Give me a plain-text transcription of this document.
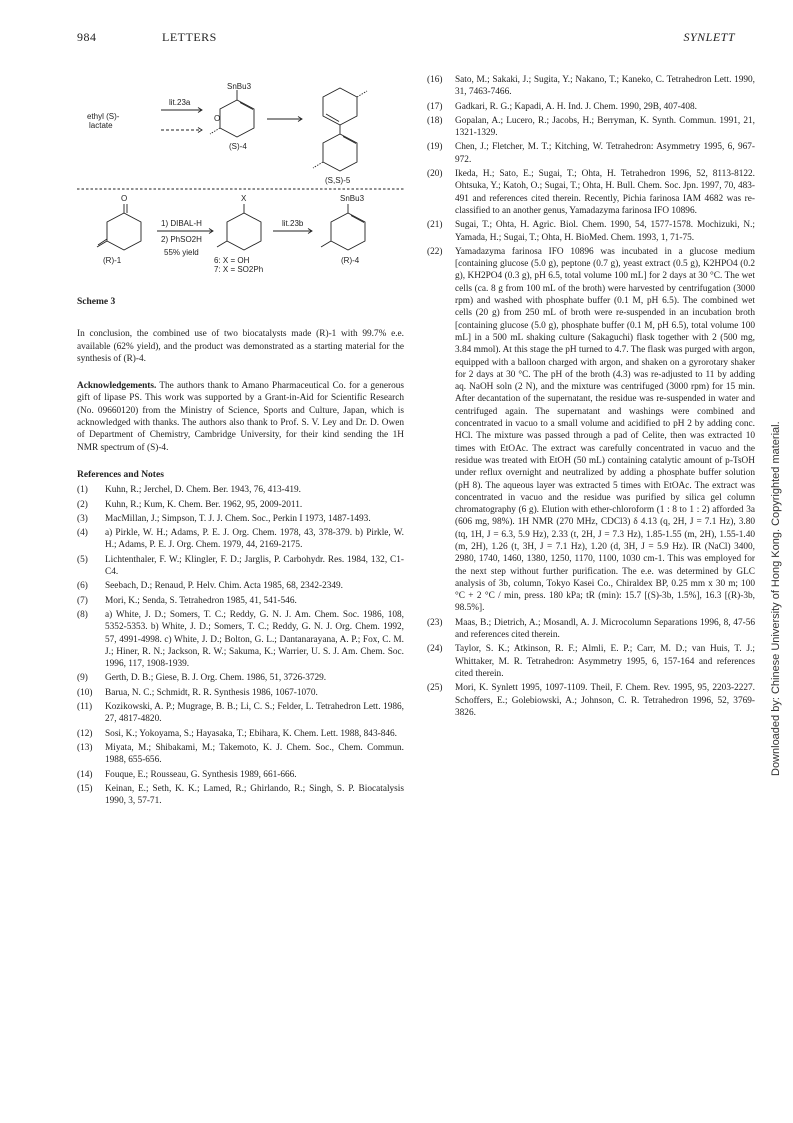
984	LETTERS	SYNLETT
ethyl (S)-
lactate
lit.23a
SnBu3
O
(S)-4
(S,S)-5
O	X	SnBu3
1) DIBAL-H
2) PhSO2H
55% yield
lit.23b
(R)-1	6: X = OH
7: X = SO2Ph
(R)-4
Scheme 3

In conclusion, the combined use of two biocatalysts made (R)-1 with 99.7% e.e. available (62% yield), and the product was demonstrated as a starting material for the synthesis of (R)-4.

Acknowledgements. The authors thank to Amano Pharmaceutical Co. for a generous gift of lipase PS. This work was supported by a Grant-in-Aid for Scientific Research (No. 09660120) from the Ministry of Science, Sports and Culture, Japan, which is acknowledged with thanks. The authors also thank to Prof. S. V. Ley and Dr. D. Owen of Department of Chemistry, Cambridge University, for their kind sending the 1H NMR spectrum of (S)-4.

References and Notes
(1)	Kuhn, R.; Jerchel, D. Chem. Ber. 1943, 76, 413-419.
(2)	Kuhn, R.; Kum, K. Chem. Ber. 1962, 95, 2009-2011.
(3)	MacMillan, J.; Simpson, T. J. J. Chem. Soc., Perkin I 1973, 1487-1493.
(4)	a) Pirkle, W. H.; Adams, P. E. J. Org. Chem. 1978, 43, 378-379. b) Pirkle, W. H.; Adams, P. E. J. Org. Chem. 1979, 44, 2169-2175.
(5)	Lichtenthaler, F. W.; Klingler, F. D.; Jarglis, P. Carbohydr. Res. 1984, 132, C1-C4.
(6)	Seebach, D.; Renaud, P. Helv. Chim. Acta 1985, 68, 2342-2349.
(7)	Mori, K.; Senda, S. Tetrahedron 1985, 41, 541-546.
(8)	a) White, J. D.; Somers, T. C.; Reddy, G. N. J. Am. Chem. Soc. 1986, 108, 5352-5353. b) White, J. D.; Somers, T. C.; Reddy, G. N. J. Org. Chem. 1992, 57, 4991-4998. c) White, J. D.; Bolton, G. L.; Dantanarayana, A. P.; Fox, C. M. J.; Hiner, R. N.; Jackson, R. W.; Sakuma, K.; Warrier, U. S. J. Am. Chem. Soc. 1996, 117, 1908-1939.
(9)	Gerth, D. B.; Giese, B. J. Org. Chem. 1986, 51, 3726-3729.
(10)	Barua, N. C.; Schmidt, R. R. Synthesis 1986, 1067-1070.
(11)	Kozikowski, A. P.; Mugrage, B. B.; Li, C. S.; Felder, L. Tetrahedron Lett. 1986, 27, 4817-4820.
(12)	Sosi, K.; Yokoyama, S.; Hayasaka, T.; Ebihara, K. Chem. Lett. 1988, 843-846.
(13)	Miyata, M.; Shibakami, M.; Takemoto, K. J. Chem. Soc., Chem. Commun. 1988, 655-656.
(14)	Fouque, E.; Rousseau, G. Synthesis 1989, 661-666.
(15)	Keinan, E.; Seth, K. K.; Lamed, R.; Ghirlando, R.; Singh, S. P. Biocatalysis 1990, 3, 57-71.
(16)	Sato, M.; Sakaki, J.; Sugita, Y.; Nakano, T.; Kaneko, C. Tetrahedron Lett. 1990, 31, 7463-7466.
(17)	Gadkari, R. G.; Kapadi, A. H. Ind. J. Chem. 1990, 29B, 407-408.
(18)	Gopalan, A.; Lucero, R.; Jacobs, H.; Berryman, K. Synth. Commun. 1991, 21, 1321-1329.
(19)	Chen, J.; Fletcher, M. T.; Kitching, W. Tetrahedron: Asymmetry 1995, 6, 967-972.
(20)	Ikeda, H.; Sato, E.; Sugai, T.; Ohta, H. Tetrahedron 1996, 52, 8113-8122. Ohtsuka, Y.; Katoh, O.; Sugai, T.; Ohta, H. Bull. Chem. Soc. Jpn. 1997, 70, 483-491 and references cited therein. Recently, Pichia farinosa IAM 4682 was re-classified to an another genus, Yamadazyma farinosa IFO 10896.
(21)	Sugai, T.; Ohta, H. Agric. Biol. Chem. 1990, 54, 1577-1578. Mochizuki, N.; Yamada, H.; Sugai, T.; Ohta, H. BioMed. Chem. 1993, 1, 71-75.
(22)	Yamadazyma farinosa IFO 10896 was incubated in a glucose medium [containing glucose (5.0 g), peptone (0.7 g), yeast extract (0.5 g), K2HPO4 (0.2 g), KH2PO4 (0.3 g), pH 6.5, total volume 100 mL] for 2 days at 30 °C. The wet cells (ca. 8 g from 100 mL of the broth) were harvested by centrifugation (3000 rpm) and washed with phosphate buffer (0.1 M, pH 6.5). The combined wet cells (20 g) from 250 mL of broth were re-suspended in an incubation broth [containing glucose (5.0 g), phosphate buffer (0.1 M, pH 6.5), total volume 100 mL] in a 500 mL shaking culture (Sakaguchi) flask together with 2 (500 mg, 3.84 mmol). At this stage the pH turned to 4.7. The flask was purged with argon, equipped with a balloon charged with argon, and shaken on a gyrorotary shaker for 2 days at 30 °C. The pH of the broth (4.3) was re-adjusted to 11 by adding aq. NaOH soln (2 N), and the mixture was centrifuged (3000 rpm) for 15 min. After decantation of the supernatant, the residue was re-suspended in water and centrifuged again. The supernatant and washings were combined and concentrated in vacuo to a small volume and acidified to pH 2 by adding conc. HCl. The mixture was passed through a pad of Celite, then was extracted 10 times with EtOAc. The extract was carefully concentrated in vacuo and the residue was treated with EtOH (50 mL) containing catalytic amount of p-TsOH under reflux overnight and neutralized by adding a phosphate buffer solution (pH 8). The aqueous layer was extracted 5 times with EtOAc. The extract was concentrated in vacuo and the residue was purified by silica gel column chromatography (6 g). Elution with ether-chloroform (1 : 8 to 1 : 2) afforded 3a (606 mg, 98%). 1H NMR (270 MHz, CDCl3) δ 4.13 (q, 2H, J = 7.1 Hz), 3.80 (tq, 1H, J = 6.3, 5.9 Hz), 2.33 (t, 2H, J = 7.3 Hz), 1.85-1.55 (m, 2H), 1.55-1.40 (m, 2H), 1.26 (t, 3H, J = 7.1 Hz), 1.20 (d, 3H, J = 5.9 Hz). IR (NaCl) 3400, 2980, 1740, 1460, 1380, 1250, 1170, 1100, 1030 cm-1. This was employed for the next step without further purification. The e.e. was determined by GLC analysis of 3b, column, Tokyo Kasei Co., Chiraldex BP, 0.25 mm x 30 m; 100 °C + 2 °C / min, press. 180 kPa; tR (min): 15.7 [(S)-3b, 1.5%], 16.3 [(R)-3b, 98.5%].
(23)	Maas, B.; Dietrich, A.; Mosandl, A. J. Microcolumn Separations 1996, 8, 47-56 and references cited therein.
(24)	Taylor, S. K.; Atkinson, R. F.; Almli, E. P.; Carr, M. D.; van Huis, T. J.; Whittaker, M. R. Tetrahedron: Asymmetry 1995, 6, 157-164 and references cited therein.
(25)	Mori, K. Synlett 1995, 1097-1109. Theil, F. Chem. Rev. 1995, 95, 2203-2227. Schoffers, E.; Golebiowski, A.; Johnson, C. R. Tetrahedron 1996, 52, 3769-3826.	Downloaded by: Chinese University of Hong Kong. Copyrighted material.
